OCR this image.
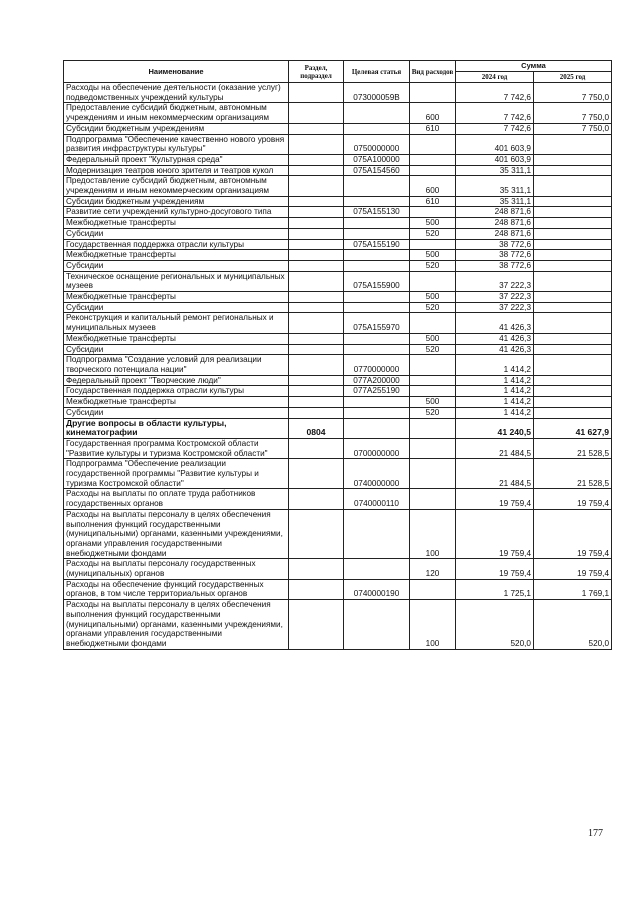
Наименование	Раздел, подраздел	Целевая статья	Вид расходов	Сумма	
				2024 год	2025 год
Расходы на обеспечение деятельности (оказание услуг) подведомственных учреждений культуры		073000059В		7 742,6	7 750,0
Предоставление субсидий бюджетным, автономным учреждениям и иным некоммерческим организациям			600	7 742,6	7 750,0
Субсидии бюджетным учреждениям			610	7 742,6	7 750,0
Подпрограмма "Обеспечение качественно нового уровня развития инфраструктуры культуры"		0750000000		401 603,9	
Федеральный проект "Культурная среда"		075А100000		401 603,9	
Модернизация театров юного зрителя и театров кукол		075А154560		35 311,1	
Предоставление субсидий бюджетным, автономным учреждениям и иным некоммерческим организациям			600	35 311,1	
Субсидии бюджетным учреждениям			610	35 311,1	
Развитие сети учреждений культурно-досугового типа		075А155130		248 871,6	
Межбюджетные трансферты			500	248 871,6	
Субсидии			520	248 871,6	
Государственная поддержка отрасли культуры		075А155190		38 772,6	
Межбюджетные трансферты			500	38 772,6	
Субсидии			520	38 772,6	
Техническое оснащение региональных и муниципальных музеев		075А155900		37 222,3	
Межбюджетные трансферты			500	37 222,3	
Субсидии			520	37 222,3	
Реконструкция и капитальный ремонт региональных и муниципальных музеев		075А155970		41 426,3	
Межбюджетные трансферты			500	41 426,3	
Субсидии			520	41 426,3	
Подпрограмма "Создание условий для реализации творческого потенциала нации"		0770000000		1 414,2	
Федеральный проект "Творческие люди"		077А200000		1 414,2	
Государственная поддержка отрасли культуры		077А255190		1 414,2	
Межбюджетные трансферты			500	1 414,2	
Субсидии			520	1 414,2	
Другие вопросы в области культуры, кинематографии	0804			41 240,5	41 627,9
Государственная программа Костромской области "Развитие культуры и туризма Костромской области"		0700000000		21 484,5	21 528,5
Подпрограмма "Обеспечение реализации государственной программы "Развитие культуры и туризма Костромской области"		0740000000		21 484,5	21 528,5
Расходы на выплаты по оплате труда работников государственных органов		0740000110		19 759,4	19 759,4
Расходы на выплаты персоналу в целях обеспечения выполнения функций государственными (муниципальными) органами, казенными учреждениями, органами управления государственными внебюджетными фондами			100	19 759,4	19 759,4
Расходы на выплаты персоналу государственных (муниципальных) органов			120	19 759,4	19 759,4
Расходы на обеспечение функций государственных органов, в том числе территориальных органов		0740000190		1 725,1	1 769,1
Расходы на выплаты персоналу в целях обеспечения выполнения функций государственными (муниципальными) органами, казенными учреждениями, органами управления государственными внебюджетными фондами			100	520,0	520,0
177
